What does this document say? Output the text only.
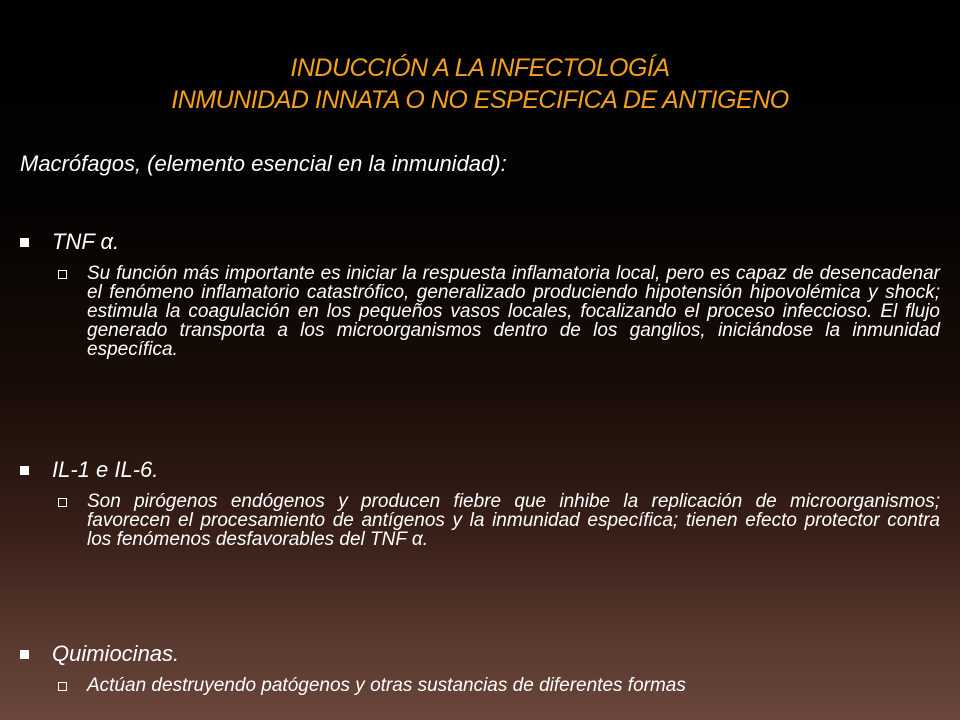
INDUCCIÓN A LA INFECTOLOGÍA
INMUNIDAD INNATA O NO ESPECIFICA DE ANTIGENO
Macrófagos, (elemento esencial en la inmunidad):
TNF α.
Su función más importante es iniciar la respuesta inflamatoria local, pero es capaz de desencadenar el fenómeno inflamatorio catastrófico, generalizado produciendo hipotensión hipovolémica y shock; estimula la coagulación en los pequeños vasos locales, focalizando el proceso infeccioso. El flujo generado transporta a los microorganismos dentro de los ganglios, iniciándose la inmunidad específica.
IL-1 e IL-6.
Son pirógenos endógenos y producen fiebre que inhibe la replicación de microorganismos; favorecen el procesamiento de antígenos y la inmunidad específica; tienen efecto protector contra los fenómenos desfavorables del TNF α.
Quimiocinas.
Actúan destruyendo patógenos y otras sustancias de diferentes formas
